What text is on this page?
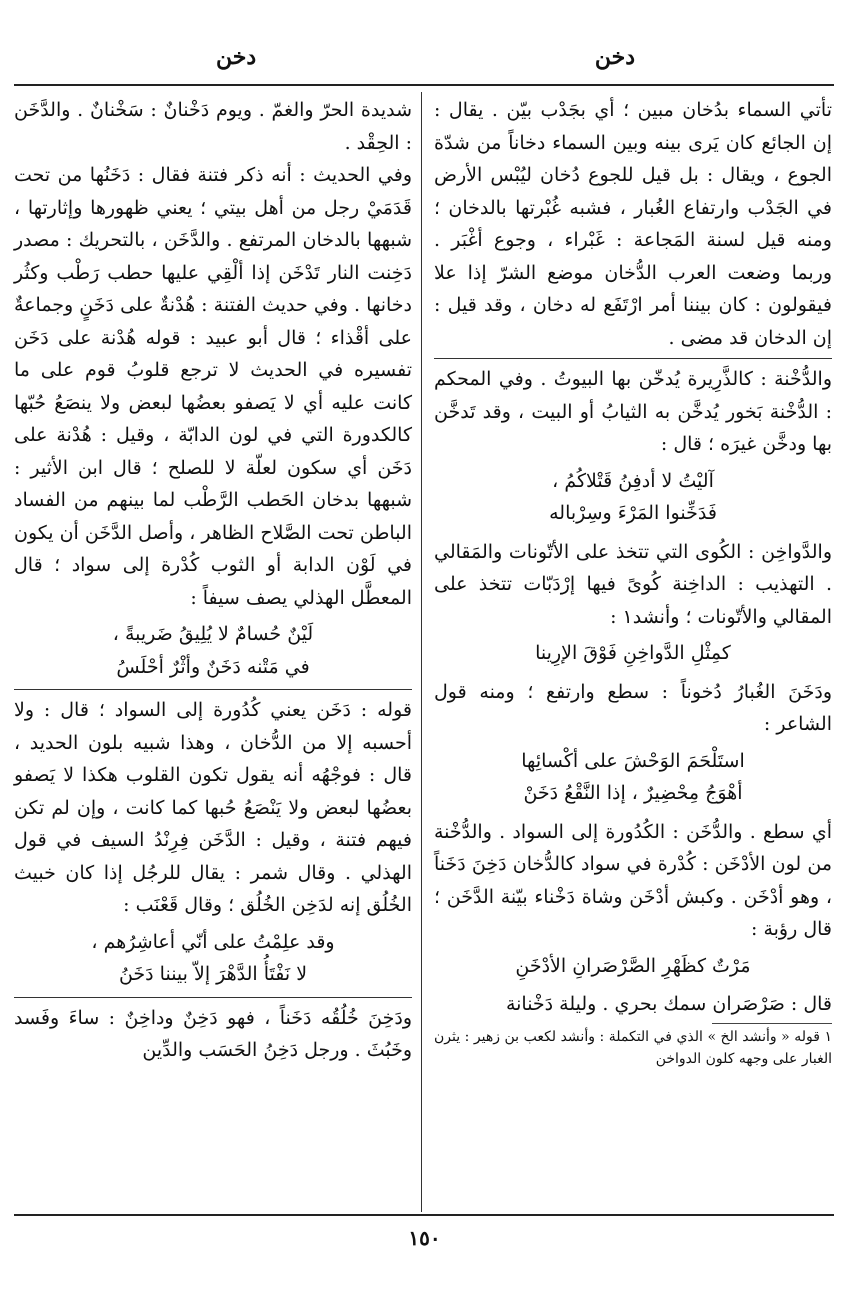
دخن
دخن

تأتي السماء بدُخان مبين ؛ أي بجَدْب بيّن . يقال : إن الجائع كان يَرى بينه وبين السماء دخاناً من شدّة الجوع ، ويقال : بل قيل للجوع دُخان ليُبْس الأرض في الجَدْب وارتفاع الغُبار ، فشبه غُبْرتها بالدخان ؛ ومنه قيل لسنة المَجاعة : غَبْراء ، وجوع أغْبَر . وربما وضعت العرب الدُّخان موضع الشرّ إذا علا فيقولون : كان بيننا أمر ارْتَفَع له دخان ، وقد قيل : إن الدخان قد مضى .

والدُّخْنة : كالذَّرِيرة يُدخّن بها البيوتُ . وفي المحكم : الدُّخْنة بَخور يُدخَّن به الثيابُ أو البيت ، وقد تَدخَّن بها ودخَّن غيرَه ؛ قال :

آليْتُ لا أدفِنُ قَتْلاكُمُ ،
فَدَخِّنوا المَرْءَ وسِرْباله

والدَّواخِن : الكُوى التي تتخذ على الأتّونات والمَقالي . التهذيب : الداخِنة كُوىً فيها إرْدَبّات تتخذ على المقالي والأتّونات ؛ وأنشد١ :

كمِثْلِ الدَّواخِنِ فَوْقَ الإرِينا

ودَخَنَ الغُبارُ دُخوناً : سطع وارتفع ؛ ومنه قول الشاعر :

استَلْحَمَ الوَحْشَ على أكْسائِها
أهْوَجُ مِحْضِيرٌ ، إذا النَّقْعُ دَخَنْ

أي سطع . والدُّخَن : الكُدُورة إلى السواد . والدُّخْنة من لون الأدْخَن : كُدْرة في سواد كالدُّخان دَخِنَ دَخَناً ، وهو أدْخَن . وكبش أدْخَن وشاة دَخْناء بيّنة الدَّخَن ؛ قال رؤبة :

مَرْتٌ كظَهْرِ الصَّرْصَرانِ الأدْخَنِ

قال : صَرْصَران سمك بحري . وليلة دَخْنانة

١ قوله « وأنشد الخ » الذي في التكملة : وأنشد لكعب بن زهير : يثرن الغبار على وجهه كلون الدواخن

شديدة الحرّ والغمّ . ويوم دَخْنانٌ : سَخْنانٌ . والدَّخَن : الحِقْد .

وفي الحديث : أنه ذكر فتنة فقال : دَخَنُها من تحت قَدَمَيْ رجل من أهل بيتي ؛ يعني ظهورها وإثارتها ، شبهها بالدخان المرتفع . والدَّخَن ، بالتحريك : مصدر دَخِنت النار تَدْخَن إذا ألْقِي عليها حطب رَطْب وكثُر دخانها . وفي حديث الفتنة : هُدْنةٌ على دَخَنٍ وجماعةٌ على أقْذاء ؛ قال أبو عبيد : قوله هُدْنة على دَخَن تفسيره في الحديث لا ترجع قلوبُ قوم على ما كانت عليه أي لا يَصفو بعضُها لبعض ولا ينصَعُ حُبّها كالكدورة التي في لون الدابّة ، وقيل : هُدْنة على دَخَن أي سكون لعلّة لا للصلح ؛ قال ابن الأثير : شبهها بدخان الحَطب الرَّطْب لما بينهم من الفساد الباطن تحت الصَّلاح الظاهر ، وأصل الدَّخَن أن يكون في لَوْن الدابة أو الثوب كُدْرة إلى سواد ؛ قال المعطَّل الهذلي يصف سيفاً :

لَيْنٌ حُسامٌ لا يُلِيقُ ضَريبةً ،
في مَتْنه دَخَنٌ وأثْرٌ أحْلَسُ

قوله : دَخَن يعني كُدُورة إلى السواد ؛ قال : ولا أحسبه إلا من الدُّخان ، وهذا شبيه بلون الحديد ، قال : فوجْهُه أنه يقول تكون القلوب هكذا لا يَصفو بعضُها لبعض ولا يَنْصَعُ حُبها كما كانت ، وإن لم تكن فيهم فتنة ، وقيل : الدَّخَن فِرِنْدُ السيف في قول الهذلي . وقال شمر : يقال للرجُل إذا كان خبيث الخُلُق إنه لدَخِن الخُلُق ؛ وقال قَعْنَب :

وقد علِمْتُ على أنّي أعاشِرُهم ،
لا نَفْتَأُ الدَّهْرَ إلاّ بيننا دَخَنُ

ودَخِنَ خُلُقُه دَخَناً ، فهو دَخِنٌ وداخِنٌ : ساءَ وفَسد وخَبُثَ . ورجل دَخِنُ الحَسَب والدِّين

١٥٠
